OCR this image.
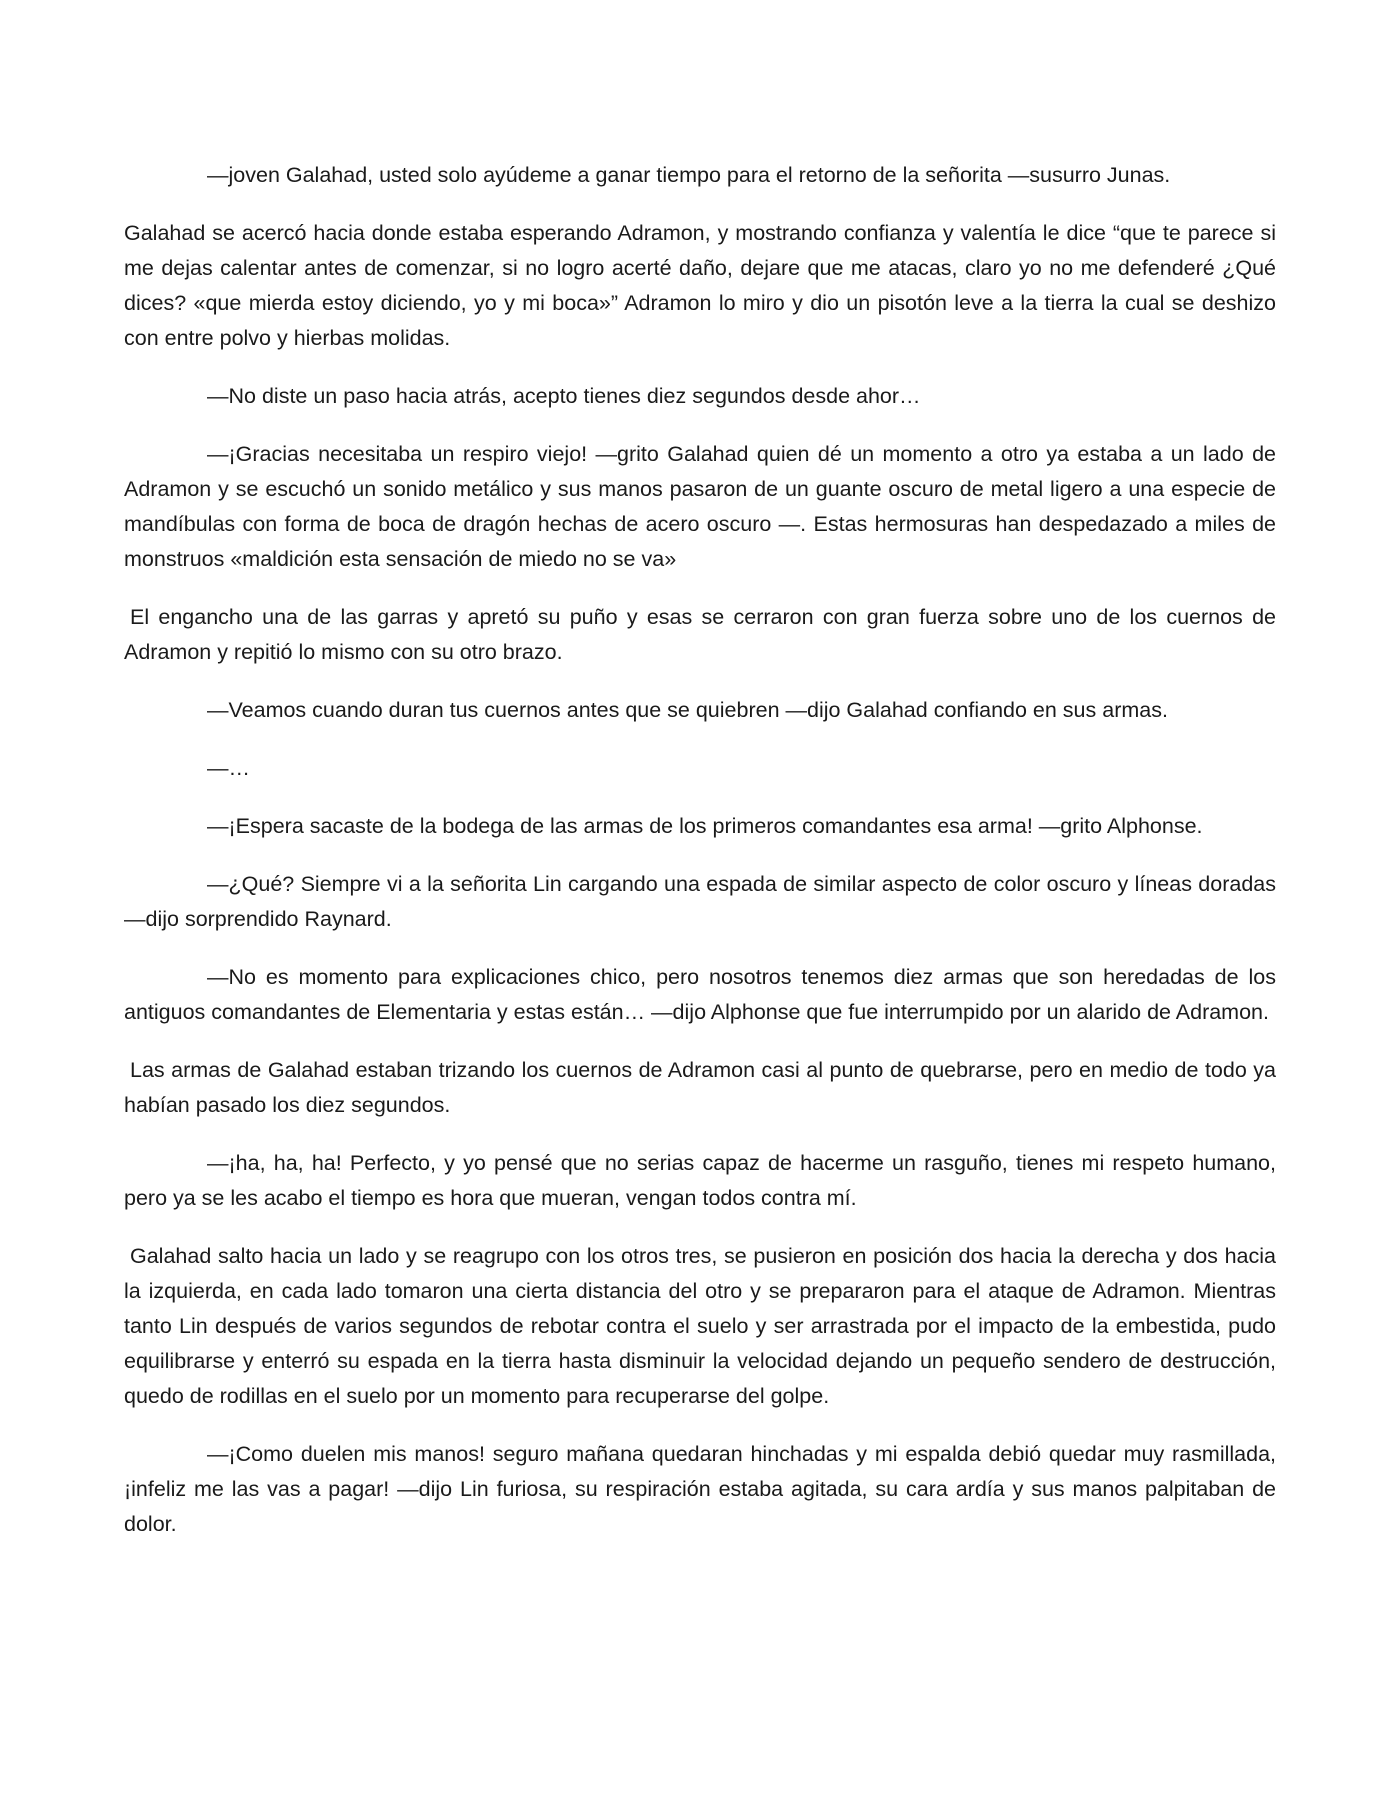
—joven Galahad, usted solo ayúdeme a ganar tiempo para el retorno de la señorita —susurro Junas.

Galahad se acercó hacia donde estaba esperando Adramon, y mostrando confianza y valentía le dice “que te parece si me dejas calentar antes de comenzar, si no logro acerté daño, dejare que me atacas, claro yo no me defenderé ¿Qué dices? «que mierda estoy diciendo, yo y mi boca»” Adramon lo miro y dio un pisotón leve a la tierra la cual se deshizo con entre polvo y hierbas molidas.

—No diste un paso hacia atrás, acepto tienes diez segundos desde ahor…

—¡Gracias necesitaba un respiro viejo! —grito Galahad quien dé un momento a otro ya estaba a un lado de Adramon y se escuchó un sonido metálico y sus manos pasaron de un guante oscuro de metal ligero a una especie de mandíbulas con forma de boca de dragón hechas de acero oscuro —. Estas hermosuras han despedazado a miles de monstruos «maldición esta sensación de miedo no se va»

El enganchо una de las garras y apretó su puño y esas se cerraron con gran fuerza sobre uno de los cuernos de Adramon y repitió lo mismo con su otro brazo.

—Veamos cuando duran tus cuernos antes que se quiebren —dijo Galahad confiando en sus armas.

—…

—¡Espera sacaste de la bodega de las armas de los primeros comandantes esa arma! —grito Alphonse.

—¿Qué? Siempre vi a la señorita Lin cargando una espada de similar aspecto de color oscuro y líneas doradas —dijo sorprendido Raynard.

—No es momento para explicaciones chico, pero nosotros tenemos diez armas que son heredadas de los antiguos comandantes de Elementaria y estas están… —dijo Alphonse que fue interrumpido por un alarido de Adramon.

Las armas de Galahad estaban trizando los cuernos de Adramon casi al punto de quebrarse, pero en medio de todo ya habían pasado los diez segundos.

—¡ha, ha, ha! Perfecto, y yo pensé que no serias capaz de hacerme un rasguño, tienes mi respeto humano, pero ya se les acabo el tiempo es hora que mueran, vengan todos contra mí.

Galahad salto hacia un lado y se reagrupo con los otros tres, se pusieron en posición dos hacia la derecha y dos hacia la izquierda, en cada lado tomaron una cierta distancia del otro y se prepararon para el ataque de Adramon. Mientras tanto Lin después de varios segundos de rebotar contra el suelo y ser arrastrada por el impacto de la embestida, pudo equilibrarse y enterró su espada en la tierra hasta disminuir la velocidad dejando un pequeño sendero de destrucción, quedo de rodillas en el suelo por un momento para recuperarse del golpe.

—¡Como duelen mis manos! seguro mañana quedaran hinchadas y mi espalda debió quedar muy rasmillada, ¡infeliz me las vas a pagar! —dijo Lin furiosa, su respiración estaba agitada, su cara ardía y sus manos palpitaban de dolor.
